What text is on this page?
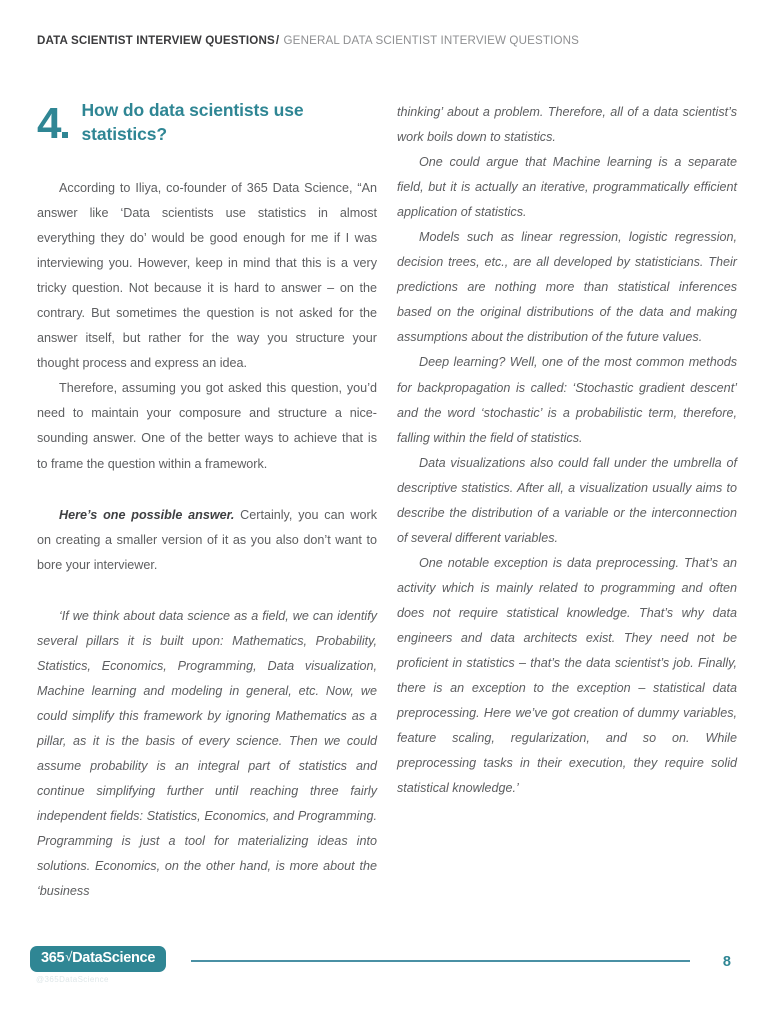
DATA SCIENTIST INTERVIEW QUESTIONS/ GENERAL DATA SCIENTIST INTERVIEW QUESTIONS
4	How do data scientists use statistics?

According to Iliya, co-founder of 365 Data Science, “An answer like ‘Data scientists use statistics in almost everything they do’ would be good enough for me if I was interviewing you. However, keep in mind that this is a very tricky question. Not because it is hard to answer – on the contrary. But sometimes the question is not asked for the answer itself, but rather for the way you structure your thought process and express an idea.

Therefore, assuming you got asked this question, you’d need to maintain your composure and structure a nice-sounding answer. One of the better ways to achieve that is to frame the question within a framework.

Here’s one possible answer. Certainly, you can work on creating a smaller version of it as you also don’t want to bore your interviewer.

‘If we think about data science as a field, we can identify several pillars it is built upon: Mathematics, Probability, Statistics, Economics, Programming, Data visualization, Machine learning and modeling in general, etc. Now, we could simplify this framework by ignoring Mathematics as a pillar, as it is the basis of every science. Then we could assume probability is an integral part of statistics and continue simplifying further until reaching three fairly independent fields: Statistics, Economics, and Programming. Programming is just a tool for materializing ideas into solutions. Economics, on the other hand, is more about the ‘business

thinking’ about a problem. Therefore, all of a data scientist’s work boils down to statistics.

One could argue that Machine learning is a separate field, but it is actually an iterative, programmatically efficient application of statistics.

Models such as linear regression, logistic regression, decision trees, etc., are all developed by statisticians. Their predictions are nothing more than statistical inferences based on the original distributions of the data and making assumptions about the distribution of the future values.

Deep learning? Well, one of the most common methods for backpropagation is called: ‘Stochastic gradient descent’ and the word ‘stochastic’ is a probabilistic term, therefore, falling within the field of statistics.

Data visualizations also could fall under the umbrella of descriptive statistics. After all, a visualization usually aims to describe the distribution of a variable or the interconnection of several different variables.

One notable exception is data preprocessing. That’s an activity which is mainly related to programming and often does not require statistical knowledge. That’s why data engineers and data architects exist. They need not be proficient in statistics – that’s the data scientist’s job. Finally, there is an exception to the exception – statistical data preprocessing. Here we’ve got creation of dummy variables, feature scaling, regularization, and so on. While preprocessing tasks in their execution, they require solid statistical knowledge.’

365√DataScience
@365DataScience
8
